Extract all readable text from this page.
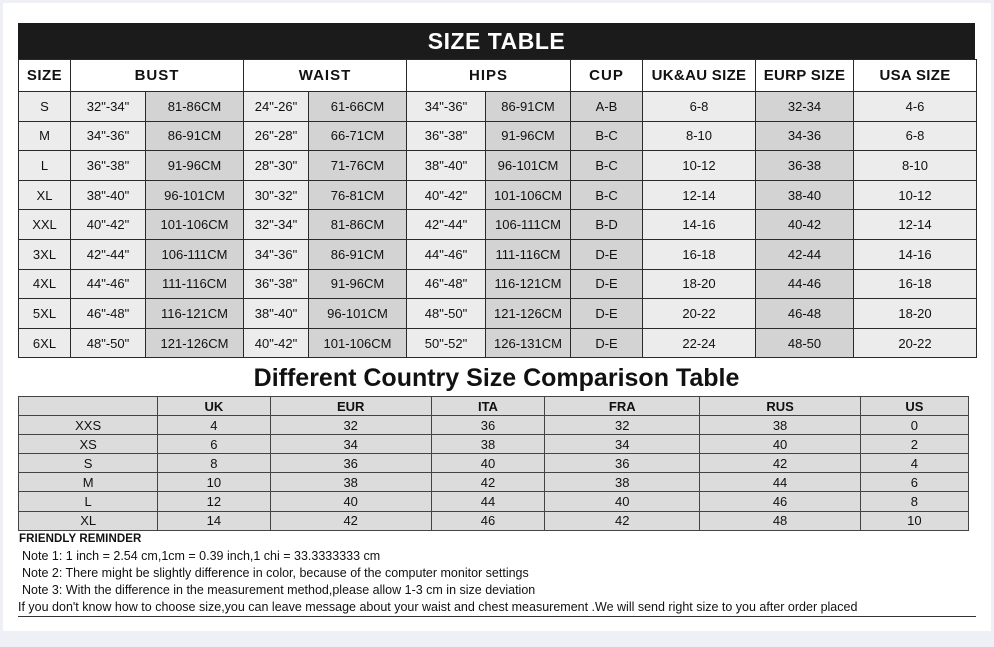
SIZE TABLE
SIZE	BUST		WAIST		HIPS		CUP	UK&AU SIZE	EURP SIZE	USA SIZE
S	32"-34"	81-86CM	24"-26"	61-66CM	34"-36"	86-91CM	A-B	6-8	32-34	4-6
M	34"-36"	86-91CM	26"-28"	66-71CM	36"-38"	91-96CM	B-C	8-10	34-36	6-8
L	36"-38"	91-96CM	28"-30"	71-76CM	38"-40"	96-101CM	B-C	10-12	36-38	8-10
XL	38"-40"	96-101CM	30"-32"	76-81CM	40"-42"	101-106CM	B-C	12-14	38-40	10-12
XXL	40"-42"	101-106CM	32"-34"	81-86CM	42"-44"	106-111CM	B-D	14-16	40-42	12-14
3XL	42"-44"	106-111CM	34"-36"	86-91CM	44"-46"	111-116CM	D-E	16-18	42-44	14-16
4XL	44"-46"	111-116CM	36"-38"	91-96CM	46"-48"	116-121CM	D-E	18-20	44-46	16-18
5XL	46"-48"	116-121CM	38"-40"	96-101CM	48"-50"	121-126CM	D-E	20-22	46-48	18-20
6XL	48"-50"	121-126CM	40"-42"	101-106CM	50"-52"	126-131CM	D-E	22-24	48-50	20-22
Different Country Size Comparison Table
	UK	EUR	ITA	FRA	RUS	US
XXS	4	32	36	32	38	0
XS	6	34	38	34	40	2
S	8	36	40	36	42	4
M	10	38	42	38	44	6
L	12	40	44	40	46	8
XL	14	42	46	42	48	10
FRIENDLY REMINDER
Note 1: 1 inch = 2.54 cm,1cm = 0.39 inch,1 chi = 33.3333333 cm
Note 2: There might be slightly difference in color, because of the computer monitor settings
Note 3: With the difference in the measurement method,please allow 1-3 cm in size deviation
If you don't know how to choose size,you can leave message about your waist and chest measurement .We will send right size to you after order placed
